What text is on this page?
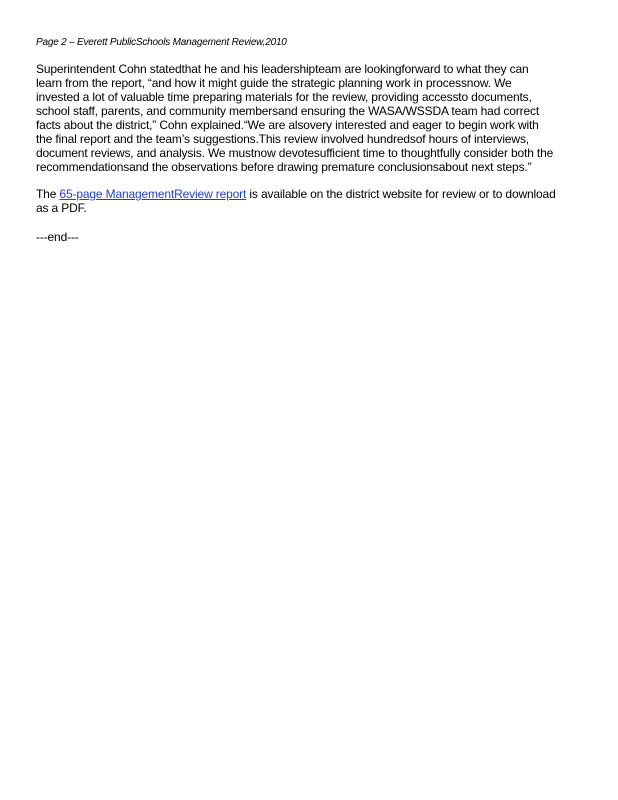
Page 2 – Everett PublicSchools Management Review,2010
Superintendent Cohn statedthat he and his leadershipteam are lookingforward to what they can
learn from the report, “and how it might guide the strategic planning work in processnow. We
invested a lot of valuable time preparing materials for the review, providing accessto documents,
school staff, parents, and community membersand ensuring the WASA/WSSDA team had correct
facts about the district,” Cohn explained.“We are alsovery interested and eager to begin work with
the final report and the team’s suggestions.This review involved hundredsof hours of interviews,
document reviews, and analysis. We mustnow devotesufficient time to thoughtfully consider both the
recommendationsand the observations before drawing premature conclusionsabout next steps.”
The 65-page ManagementReview report is available on the district website for review or to download
as a PDF.
---end---
